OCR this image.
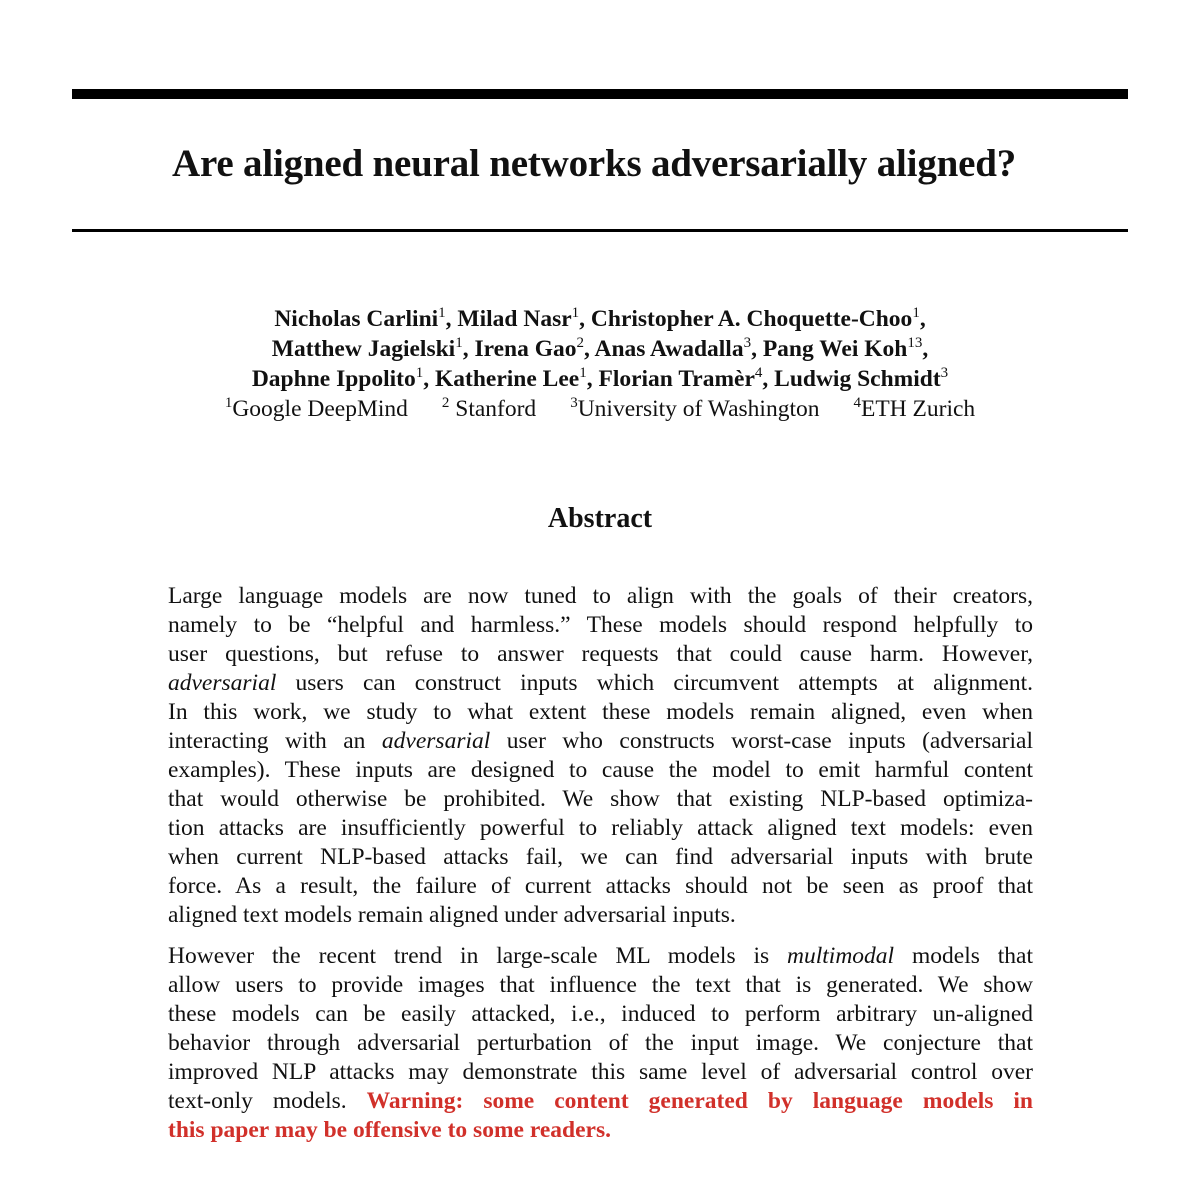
Are aligned neural networks adversarially aligned?
Nicholas Carlini$^1$, Milad Nasr$^1$, Christopher A. Choquette-Choo$^1$,
Matthew Jagielski$^1$, Irena Gao$^2$, Anas Awadalla$^3$, Pang Wei Koh$^{13}$,
Daphne Ippolito$^1$, Katherine Lee$^1$, Florian Tramèr$^4$, Ludwig Schmidt$^3$
$^1$Google DeepMind $^2$ Stanford $^3$University of Washington $^4$ETH Zurich
Abstract
Large language models are now tuned to align with the goals of their creators,
namely to be “helpful and harmless.” These models should respond helpfully to
user questions, but refuse to answer requests that could cause harm. However,
adversarial users can construct inputs which circumvent attempts at alignment.
In this work, we study to what extent these models remain aligned, even when
interacting with an adversarial user who constructs worst-case inputs (adversarial
examples). These inputs are designed to cause the model to emit harmful content
that would otherwise be prohibited. We show that existing NLP-based optimiza-
tion attacks are insufficiently powerful to reliably attack aligned text models: even
when current NLP-based attacks fail, we can find adversarial inputs with brute
force. As a result, the failure of current attacks should not be seen as proof that
aligned text models remain aligned under adversarial inputs.
However the recent trend in large-scale ML models is multimodal models that
allow users to provide images that influence the text that is generated. We show
these models can be easily attacked, i.e., induced to perform arbitrary un-aligned
behavior through adversarial perturbation of the input image. We conjecture that
improved NLP attacks may demonstrate this same level of adversarial control over
text-only models. Warning: some content generated by language models in
this paper may be offensive to some readers.
